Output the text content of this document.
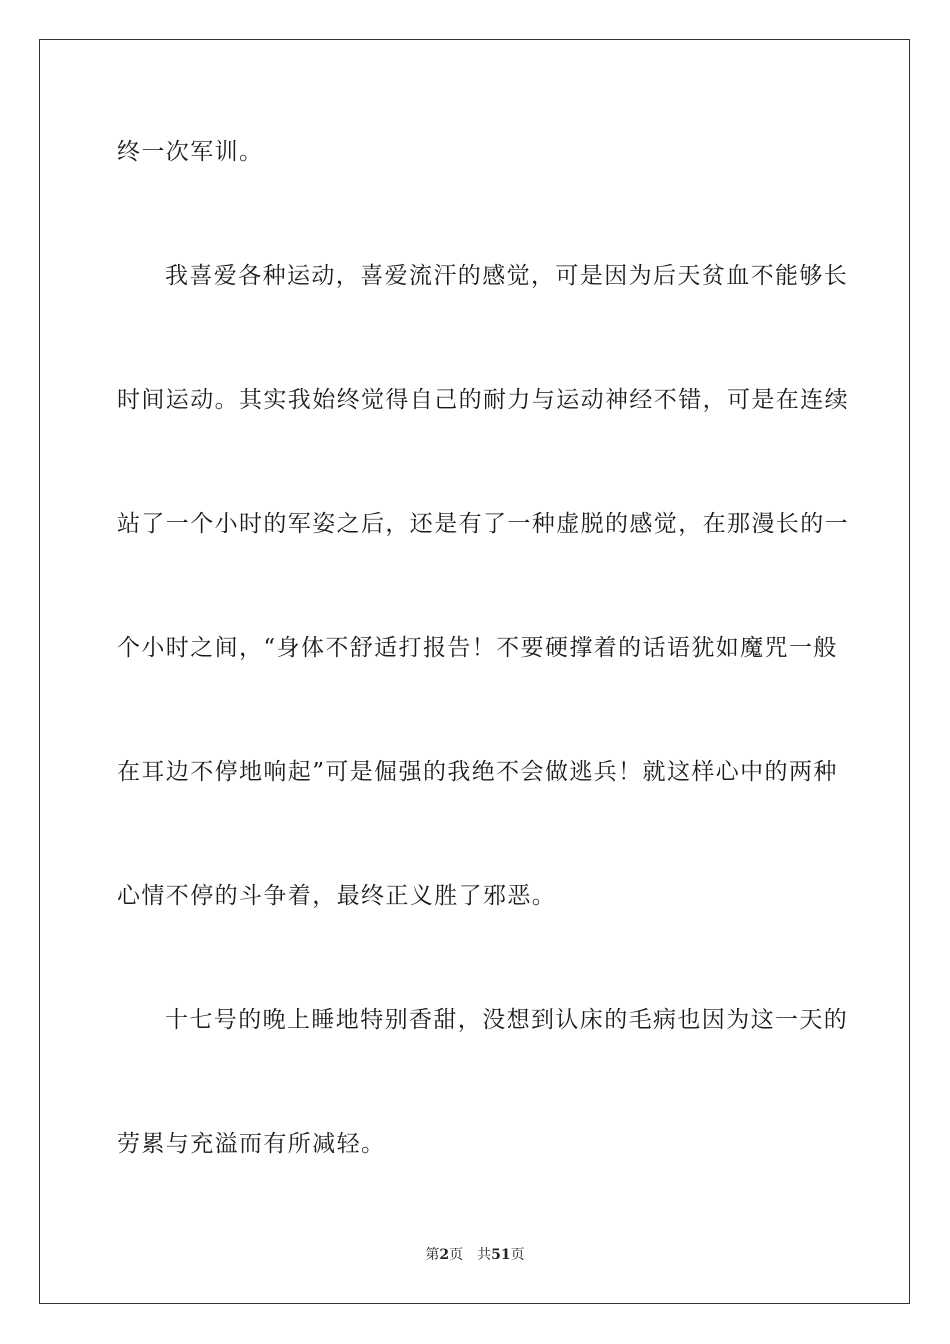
终一次军训。
我喜爱各种运动，喜爱流汗的感觉，可是因为后天贫血不能够长
时间运动。其实我始终觉得自己的耐力与运动神经不错，可是在连续
站了一个小时的军姿之后，还是有了一种虚脱的感觉，在那漫长的一
个小时之间，“身体不舒适打报告！不要硬撑着的话语犹如魔咒一般
在耳边不停地响起”可是倔强的我绝不会做逃兵！就这样心中的两种
心情不停的斗争着，最终正义胜了邪恶。
十七号的晚上睡地特别香甜，没想到认床的毛病也因为这一天的
劳累与充溢而有所减轻。
第2页 共51页
